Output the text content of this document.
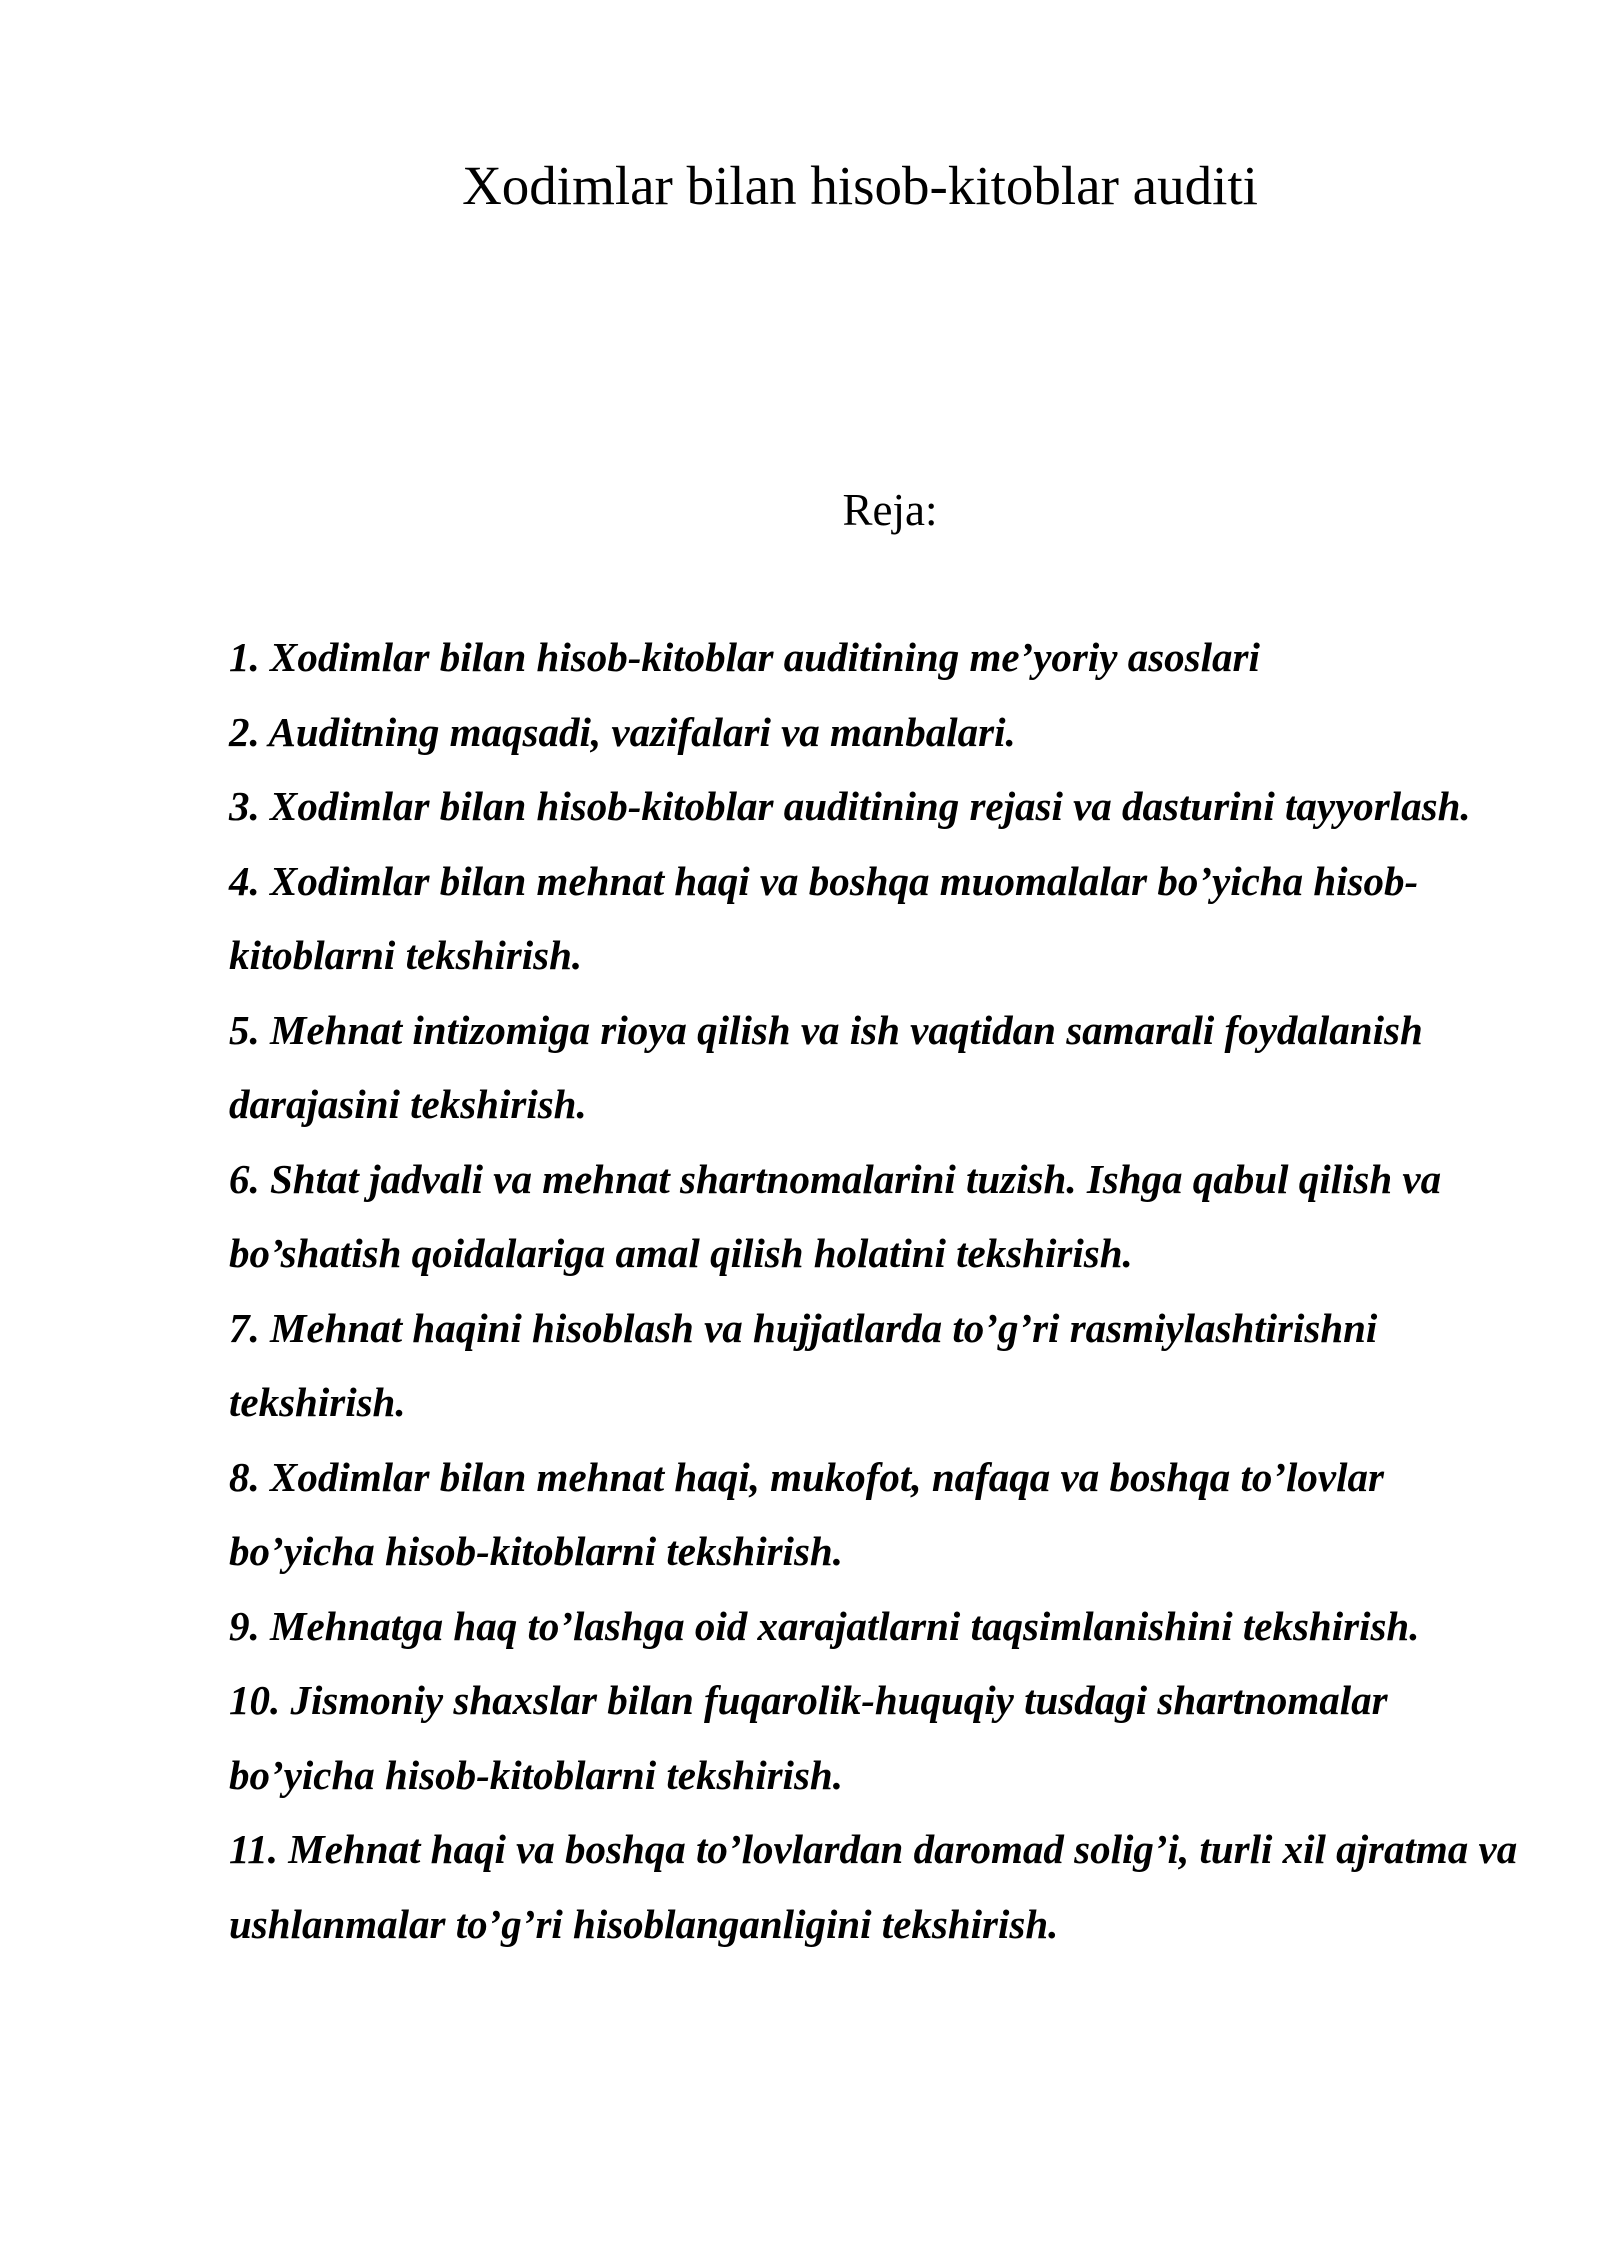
Xodimlar bilan hisob-kitoblar auditi
Reja:
1. Xodimlar bilan hisob-kitoblar auditining me’yoriy asoslari
2. Auditning maqsadi, vazifalari va manbalari.
3. Xodimlar bilan hisob-kitoblar auditining rejasi va dasturini tayyorlash.
4. Xodimlar bilan mehnat haqi va boshqa muomalalar bo’yicha hisob-kitoblarni tekshirish.
5. Mehnat intizomiga rioya qilish va ish vaqtidan samarali foydalanish darajasini tekshirish.
6. Shtat jadvali va mehnat shartnomalarini tuzish. Ishga qabul qilish va bo’shatish qoidalariga amal qilish holatini tekshirish.
7. Mehnat haqini hisoblash va hujjatlarda to’g’ri rasmiylashtirishni tekshirish.
8. Xodimlar bilan mehnat haqi, mukofot, nafaqa va boshqa to’lovlar bo’yicha hisob-kitoblarni tekshirish.
9. Mehnatga haq to’lashga oid xarajatlarni taqsimlanishini tekshirish.
10. Jismoniy shaxslar bilan fuqarolik-huquqiy tusdagi shartnomalar bo’yicha hisob-kitoblarni tekshirish.
11. Mehnat haqi va boshqa to’lovlardan daromad solig’i, turli xil ajratma va ushlanmalar to’g’ri hisoblanganligini tekshirish.
